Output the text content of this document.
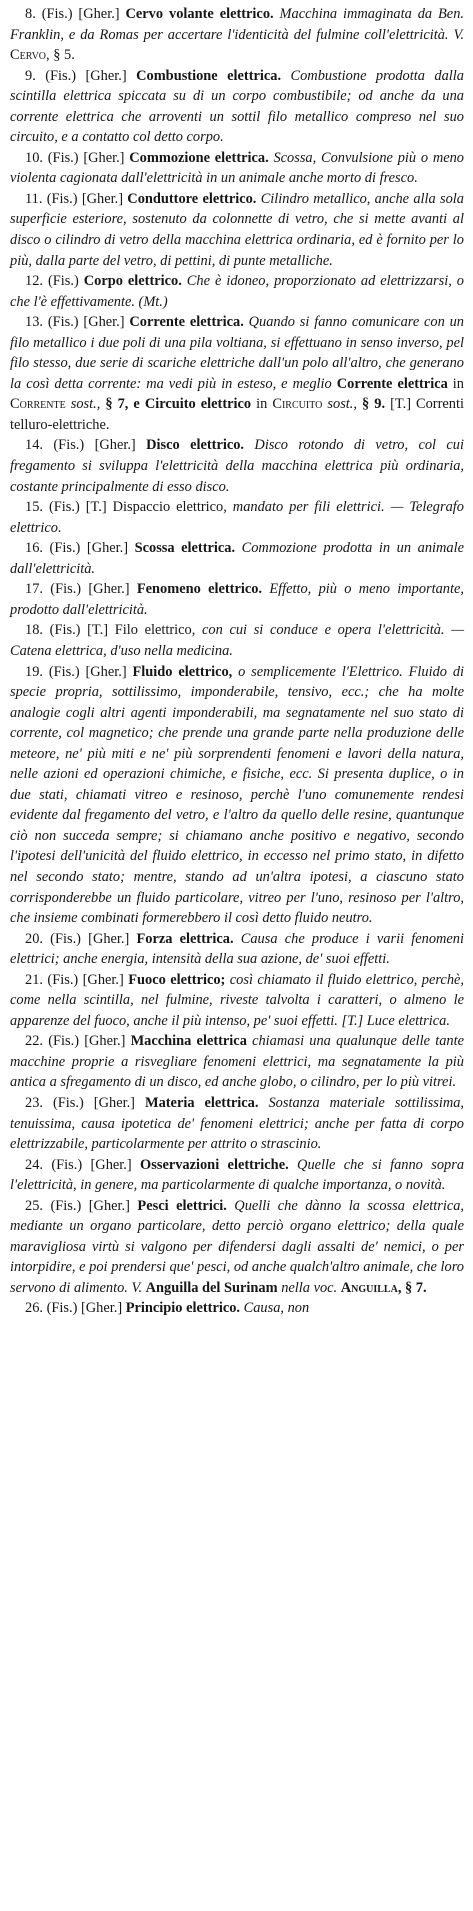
8. (Fis.) [Gher.] Cervo volante elettrico. Macchina immaginata da Ben. Franklin, e da Romas per accertare l'identicità del fulmine coll'elettricità. V. Cervo, § 5.

9. (Fis.) [Gher.] Combustione elettrica. Combustione prodotta dalla scintilla elettrica spiccata su di un corpo combustibile; od anche da una corrente elettrica che arroventi un sottil filo metallico compreso nel suo circuito, e a contatto col detto corpo.

10. (Fis.) [Gher.] Commozione elettrica. Scossa, Convulsione più o meno violenta cagionata dall'elettricità in un animale anche morto di fresco.

11. (Fis.) [Gher.] Conduttore elettrico. Cilindro metallico, anche alla sola superficie esteriore, sostenuto da colonnette di vetro, che si mette avanti al disco o cilindro di vetro della macchina elettrica ordinaria, ed è fornito per lo più, dalla parte del vetro, di pettini, di punte metalliche.

12. (Fis.) Corpo elettrico. Che è idoneo, proporzionato ad elettrizzarsi, o che l'è effettivamente. (Mt.)

13. (Fis.) [Gher.] Corrente elettrica. Quando si fanno comunicare con un filo metallico i due poli di una pila voltiana, si effettuano in senso inverso, pel filo stesso, due serie di scariche elettriche dall'un polo all'altro, che generano la così detta corrente: ma vedi più in esteso, e meglio Corrente elettrica in Corrente sost., § 7, e Circuito elettrico in Circuito sost., § 9. [T.] Correnti telluro-elettriche.

14. (Fis.) [Gher.] Disco elettrico. Disco rotondo di vetro, col cui fregamento si sviluppa l'elettricità della macchina elettrica più ordinaria, costante principalmente di esso disco.

15. (Fis.) [T.] Dispaccio elettrico, mandato per fili elettrici. — Telegrafo elettrico.

16. (Fis.) [Gher.] Scossa elettrica. Commozione prodotta in un animale dall'elettricità.

17. (Fis.) [Gher.] Fenomeno elettrico. Effetto, più o meno importante, prodotto dall'elettricità.

18. (Fis.) [T.] Filo elettrico, con cui si conduce e opera l'elettricità. — Catena elettrica, d'uso nella medicina.

19. (Fis.) [Gher.] Fluido elettrico, o semplicemente l'Elettrico. Fluido di specie propria, sottilissimo, imponderabile, tensivo, ecc.; che ha molte analogie cogli altri agenti imponderabili, ma segnatamente nel suo stato di corrente, col magnetico; che prende una grande parte nella produzione delle meteore, ne' più miti e ne' più sorprendenti fenomeni e lavori della natura, nelle azioni ed operazioni chimiche, e fisiche, ecc. Si presenta duplice, o in due stati, chiamati vitreo e resinoso, perchè l'uno comunemente rendesi evidente dal fregamento del vetro, e l'altro da quello delle resine, quantunque ciò non succeda sempre; si chiamano anche positivo e negativo, secondo l'ipotesi dell'unicità del fluido elettrico, in eccesso nel primo stato, in difetto nel secondo stato; mentre, stando ad un'altra ipotesi, a ciascuno stato corrisponderebbe un fluido particolare, vitreo per l'uno, resinoso per l'altro, che insieme combinati formerebbero il così detto fluido neutro.

20. (Fis.) [Gher.] Forza elettrica. Causa che produce i varii fenomeni elettrici; anche energia, intensità della sua azione, de' suoi effetti.

21. (Fis.) [Gher.] Fuoco elettrico; così chiamato il fluido elettrico, perchè, come nella scintilla, nel fulmine, riveste talvolta i caratteri, o almeno le apparenze del fuoco, anche il più intenso, pe' suoi effetti. [T.] Luce elettrica.

22. (Fis.) [Gher.] Macchina elettrica chiamasi una qualunque delle tante macchine proprie a risvegliare fenomeni elettrici, ma segnatamente la più antica a sfregamento di un disco, ed anche globo, o cilindro, per lo più vitrei.

23. (Fis.) [Gher.] Materia elettrica. Sostanza materiale sottilissima, tenuissima, causa ipotetica de' fenomeni elettrici; anche per fatta di corpo elettrizzabile, particolarmente per attrito o strascinio.

24. (Fis.) [Gher.] Osservazioni elettriche. Quelle che si fanno sopra l'elettricità, in genere, ma particolarmente di qualche importanza, o novità.

25. (Fis.) [Gher.] Pesci elettrici. Quelli che dànno la scossa elettrica, mediante un organo particolare, detto perciò organo elettrico; della quale maravigliosa virtù si valgono per difendersi dagli assalti de' nemici, o per intorpidire, e poi prendersi que' pesci, od anche qualch'altro animale, che loro servono di alimento. V. Anguilla del Surinam nella voc. Anguilla, § 7.

26. (Fis.) [Gher.] Principio elettrico. Causa, non
